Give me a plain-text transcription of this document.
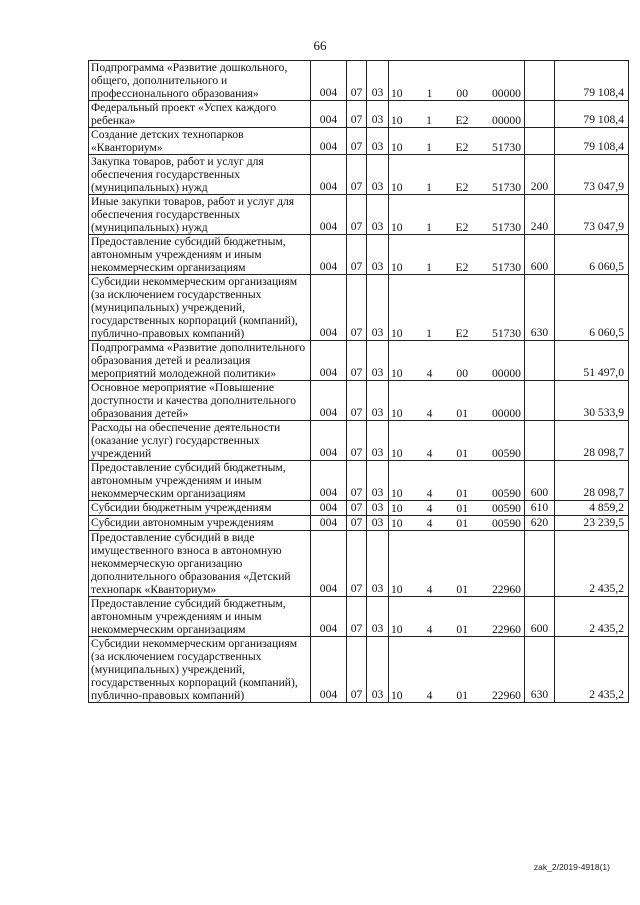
66
Подпрограмма «Развитие дошкольного, общего, дополнительного и профессионального образования»	004	07	03	10 1 00 00000		79 108,4
Федеральный проект «Успех каждого ребенка»	004	07	03	10 1 E2 00000		79 108,4
Создание детских технопарков «Кванториум»	004	07	03	10 1 E2 51730		79 108,4
Закупка товаров, работ и услуг для обеспечения государственных (муниципальных) нужд	004	07	03	10 1 E2 51730	200	73 047,9
Иные закупки товаров, работ и услуг для обеспечения государственных (муниципальных) нужд	004	07	03	10 1 E2 51730	240	73 047,9
Предоставление субсидий бюджетным, автономным учреждениям и иным некоммерческим организациям	004	07	03	10 1 E2 51730	600	6 060,5
Субсидии некоммерческим организациям (за исключением государственных (муниципальных) учреждений, государственных корпораций (компаний), публично-правовых компаний)	004	07	03	10 1 E2 51730	630	6 060,5
Подпрограмма «Развитие дополнительного образования детей и реализация мероприятий молодежной политики»	004	07	03	10 4 00 00000		51 497,0
Основное мероприятие «Повышение доступности и качества дополнительного образования детей»	004	07	03	10 4 01 00000		30 533,9
Расходы на обеспечение деятельности (оказание услуг) государственных учреждений	004	07	03	10 4 01 00590		28 098,7
Предоставление субсидий бюджетным, автономным учреждениям и иным некоммерческим организациям	004	07	03	10 4 01 00590	600	28 098,7
Субсидии бюджетным учреждениям	004	07	03	10 4 01 00590	610	4 859,2
Субсидии автономным учреждениям	004	07	03	10 4 01 00590	620	23 239,5
Предоставление субсидий в виде имущественного взноса в автономную некоммерческую организацию дополнительного образования «Детский технопарк «Кванториум»	004	07	03	10 4 01 22960		2 435,2
Предоставление субсидий бюджетным, автономным учреждениям и иным некоммерческим организациям	004	07	03	10 4 01 22960	600	2 435,2
Субсидии некоммерческим организациям (за исключением государственных (муниципальных) учреждений, государственных корпораций (компаний), публично-правовых компаний)	004	07	03	10 4 01 22960	630	2 435,2
zak_2/2019-4918(1)
